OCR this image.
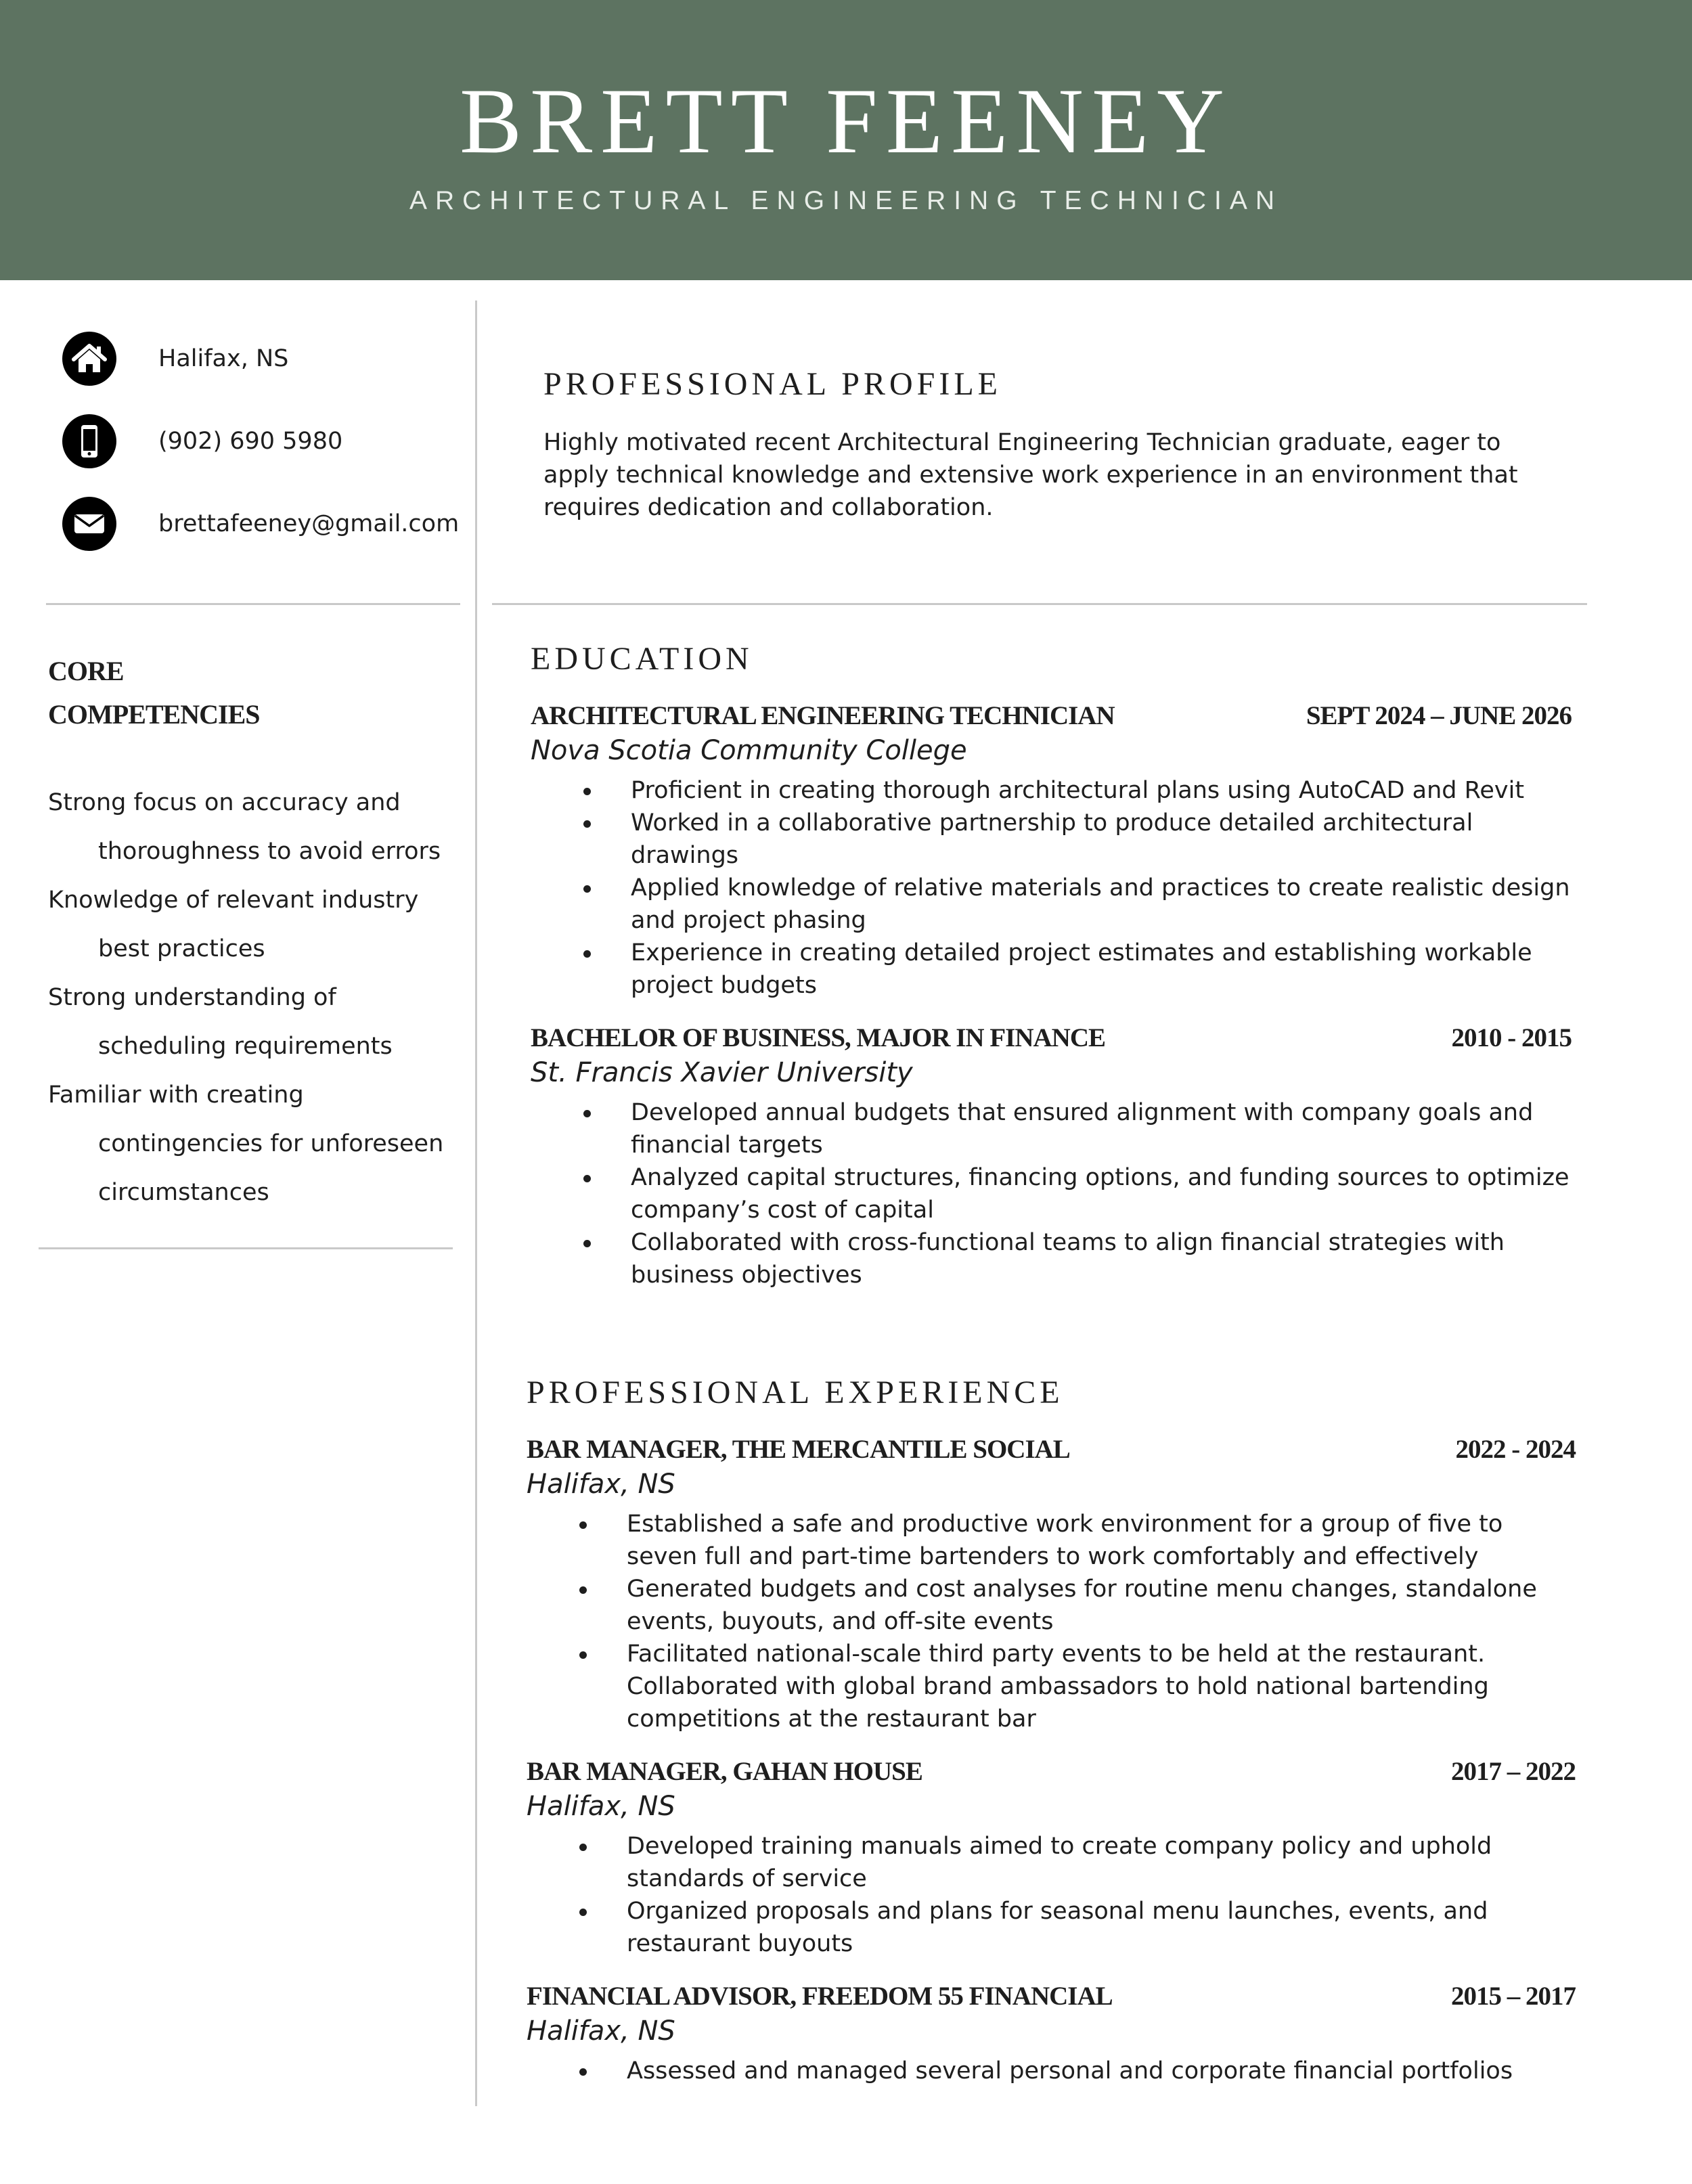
BRETT FEENEY
ARCHITECTURAL ENGINEERING TECHNICIAN
Halifax, NS
(902) 690 5980
brettafeeney@gmail.com
CORE
COMPETENCIES
Strong focus on accuracy and thoroughness to avoid errors
Knowledge of relevant industry best practices
Strong understanding of scheduling requirements
Familiar with creating contingencies for unforeseen circumstances
PROFESSIONAL PROFILE
Highly motivated recent Architectural Engineering Technician graduate, eager to apply technical knowledge and extensive work experience in an environment that requires dedication and collaboration.
EDUCATION
ARCHITECTURAL ENGINEERING TECHNICIAN	SEPT 2024 – JUNE 2026
Nova Scotia Community College
Proficient in creating thorough architectural plans using AutoCAD and Revit
Worked in a collaborative partnership to produce detailed architectural drawings
Applied knowledge of relative materials and practices to create realistic design and project phasing
Experience in creating detailed project estimates and establishing workable project budgets
BACHELOR OF BUSINESS, MAJOR IN FINANCE	2010 - 2015
St. Francis Xavier University
Developed annual budgets that ensured alignment with company goals and financial targets
Analyzed capital structures, financing options, and funding sources to optimize company’s cost of capital
Collaborated with cross-functional teams to align financial strategies with business objectives
PROFESSIONAL EXPERIENCE
BAR MANAGER, THE MERCANTILE SOCIAL	2022 - 2024
Halifax, NS
Established a safe and productive work environment for a group of five to seven full and part-time bartenders to work comfortably and effectively
Generated budgets and cost analyses for routine menu changes, standalone events, buyouts, and off-site events
Facilitated national-scale third party events to be held at the restaurant. Collaborated with global brand ambassadors to hold national bartending competitions at the restaurant bar
BAR MANAGER, GAHAN HOUSE	2017 – 2022
Halifax, NS
Developed training manuals aimed to create company policy and uphold standards of service
Organized proposals and plans for seasonal menu launches, events, and restaurant buyouts
FINANCIAL ADVISOR, FREEDOM 55 FINANCIAL	2015 – 2017
Halifax, NS
Assessed and managed several personal and corporate financial portfolios
